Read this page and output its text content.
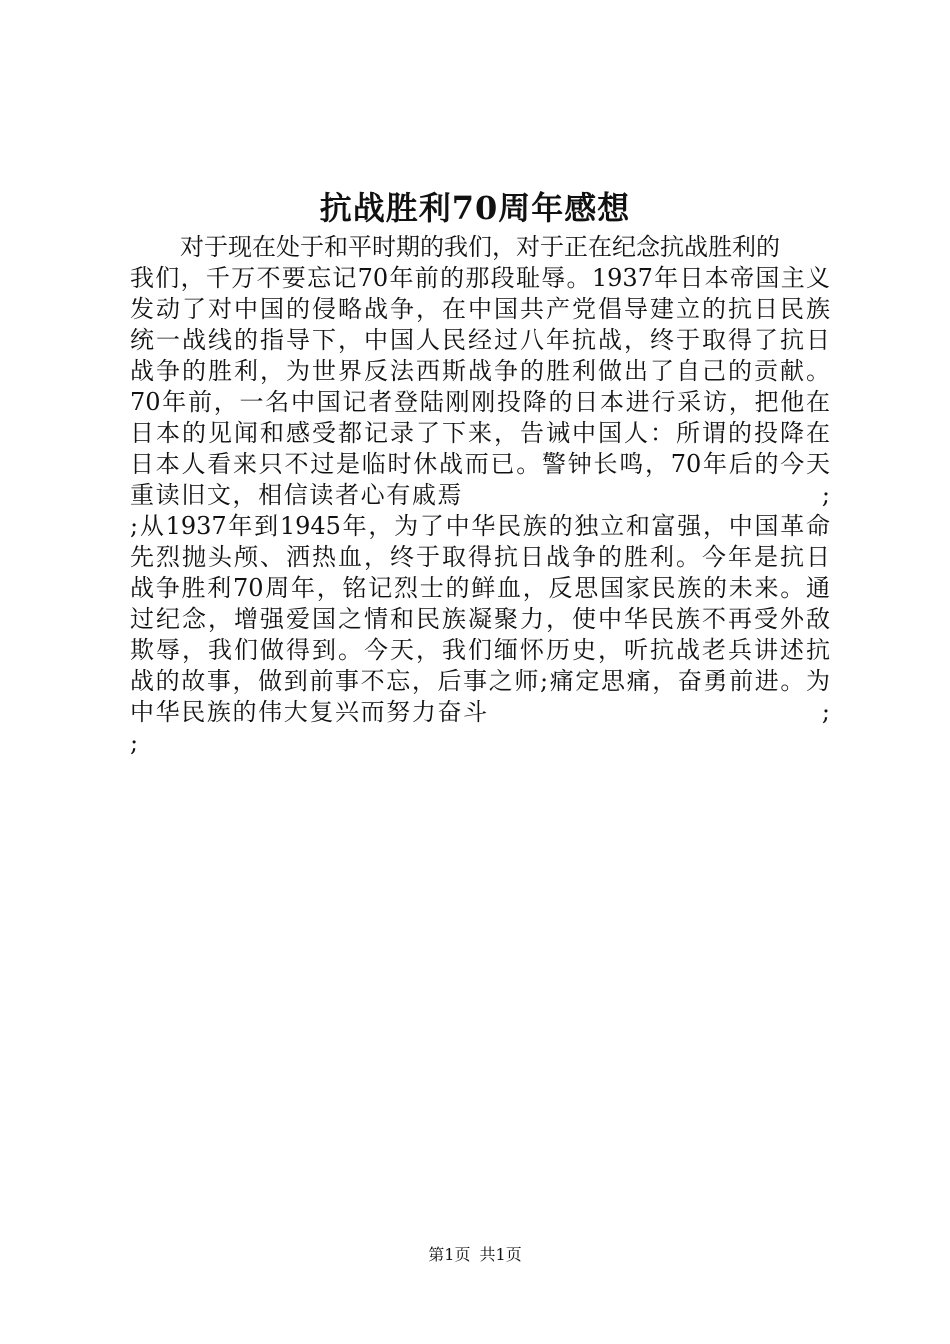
抗战胜利70周年感想
对于现在处于和平时期的我们，对于正在纪念抗战胜利的
我们，千万不要忘记70年前的那段耻辱。1937年日本帝国主义
发动了对中国的侵略战争，在中国共产党倡导建立的抗日民族
统一战线的指导下，中国人民经过八年抗战，终于取得了抗日
战争的胜利，为世界反法西斯战争的胜利做出了自己的贡献。
70年前，一名中国记者登陆刚刚投降的日本进行采访，把他在
日本的见闻和感受都记录了下来，告诫中国人：所谓的投降在
日本人看来只不过是临时休战而已。警钟长鸣，70年后的今天
重读旧文，相信读者心有戚焉　　　　　　　　　　　　　　;
;从1937年到1945年，为了中华民族的独立和富强，中国革命
先烈抛头颅、洒热血，终于取得抗日战争的胜利。今年是抗日
战争胜利70周年，铭记烈士的鲜血，反思国家民族的未来。通
过纪念，增强爱国之情和民族凝聚力，使中华民族不再受外敌
欺辱，我们做得到。今天，我们缅怀历史，听抗战老兵讲述抗
战的故事，做到前事不忘，后事之师;痛定思痛，奋勇前进。为
中华民族的伟大复兴而努力奋斗　　　　　　　　　　　　　;
;
第1页 共1页
